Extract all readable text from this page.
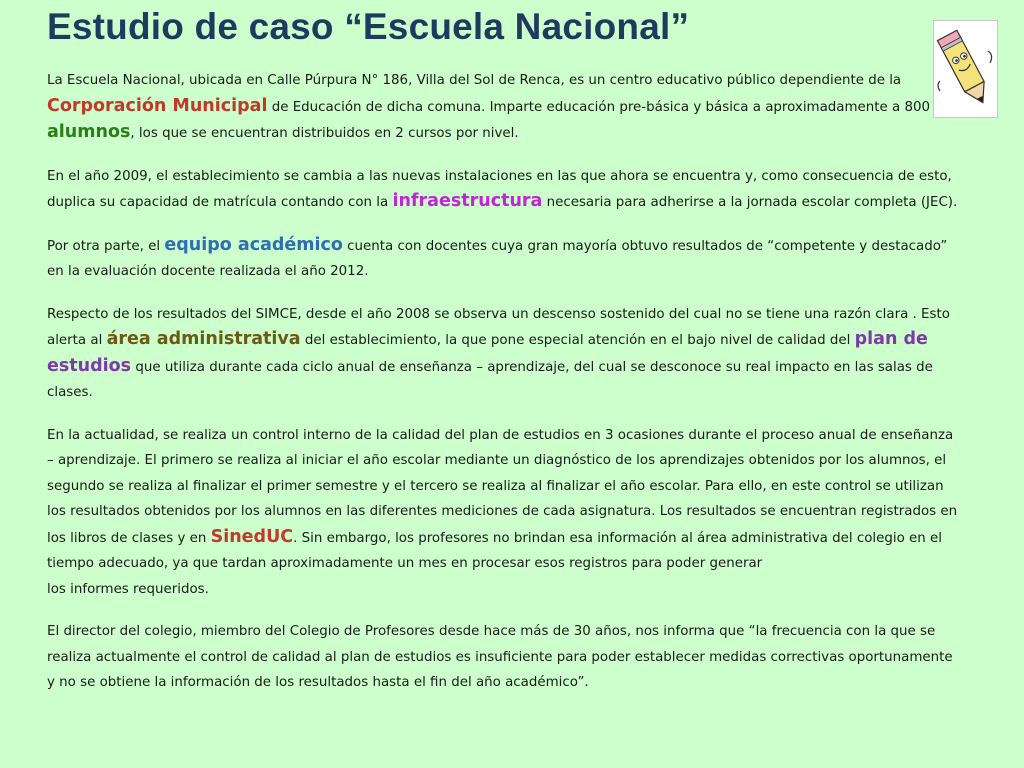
Estudio de caso “Escuela Nacional”
La Escuela Nacional, ubicada en Calle Púrpura N° 186, Villa del Sol de Renca, es un centro educativo público dependiente de la
Corporación Municipal de Educación de dicha comuna. Imparte educación pre-básica y básica a aproximadamente a 800
alumnos, los que se encuentran distribuidos en 2 cursos por nivel.
En el año 2009, el establecimiento se cambia a las nuevas instalaciones en las que ahora se encuentra y, como consecuencia de esto,
duplica su capacidad de matrícula contando con la infraestructura necesaria para adherirse a la jornada escolar completa (JEC).
Por otra parte, el equipo académico cuenta con docentes cuya gran mayoría obtuvo resultados de “competente y destacado”
en la evaluación docente realizada el año 2012.
Respecto de los resultados del SIMCE, desde el año 2008 se observa un descenso sostenido del cual no se tiene una razón clara . Esto
alerta al área administrativa del establecimiento, la que pone especial atención en el bajo nivel de calidad del plan de
estudios que utiliza durante cada ciclo anual de enseñanza – aprendizaje, del cual se desconoce su real impacto en las salas de
clases.
En la actualidad, se realiza un control interno de la calidad del plan de estudios en 3 ocasiones durante el proceso anual de enseñanza
– aprendizaje. El primero se realiza al iniciar el año escolar mediante un diagnóstico de los aprendizajes obtenidos por los alumnos, el
segundo se realiza al finalizar el primer semestre y el tercero se realiza al finalizar el año escolar. Para ello, en este control se utilizan
los resultados obtenidos por los alumnos en las diferentes mediciones de cada asignatura. Los resultados se encuentran registrados en
los libros de clases y en SinedUC. Sin embargo, los profesores no brindan esa información al área administrativa del colegio en el
tiempo adecuado, ya que tardan aproximadamente un mes en procesar esos registros para poder generar
los informes requeridos.
El director del colegio, miembro del Colegio de Profesores desde hace más de 30 años, nos informa que “la frecuencia con la que se
realiza actualmente el control de calidad al plan de estudios es insuficiente para poder establecer medidas correctivas oportunamente
y no se obtiene la información de los resultados hasta el fin del año académico”.
